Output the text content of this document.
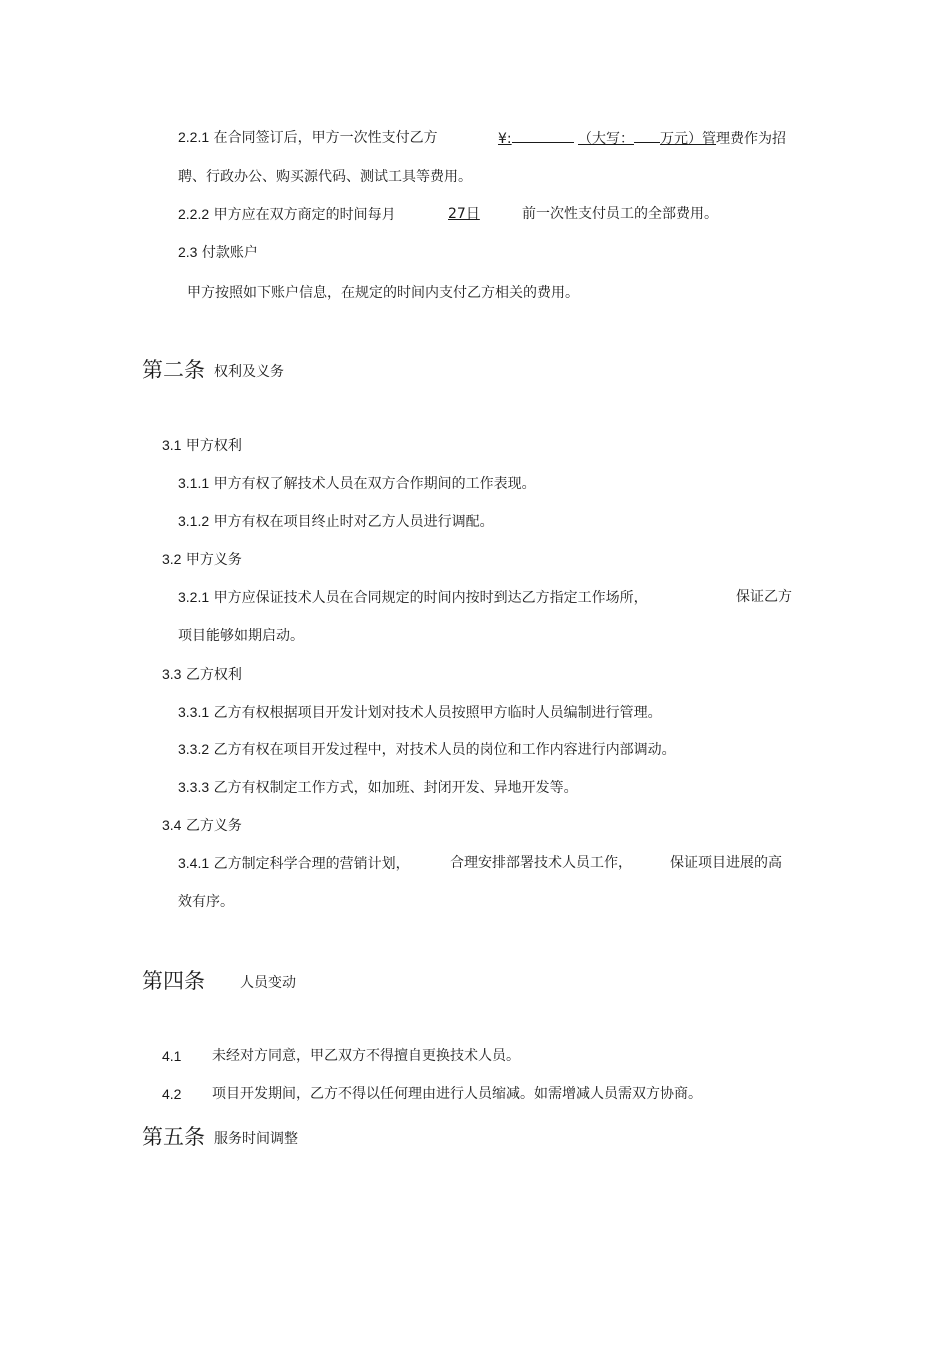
2.2.1 在合同签订后，甲方一次性支付乙方	¥:	（大写： 万元）管理费作为招
聘、行政办公、购买源代码、测试工具等费用。
2.2.2 甲方应在双方商定的时间每月	27日	前一次性支付员工的全部费用。
2.3 付款账户
甲方按照如下账户信息，在规定的时间内支付乙方相关的费用。
第二条 权利及义务
3.1 甲方权利
3.1.1 甲方有权了解技术人员在双方合作期间的工作表现。
3.1.2 甲方有权在项目终止时对乙方人员进行调配。
3.2 甲方义务
3.2.1 甲方应保证技术人员在合同规定的时间内按时到达乙方指定工作场所，	保证乙方
项目能够如期启动。
3.3 乙方权利
3.3.1 乙方有权根据项目开发计划对技术人员按照甲方临时人员编制进行管理。
3.3.2 乙方有权在项目开发过程中，对技术人员的岗位和工作内容进行内部调动。
3.3.3 乙方有权制定工作方式，如加班、封闭开发、异地开发等。
3.4 乙方义务
3.4.1 乙方制定科学合理的营销计划，	合理安排部署技术人员工作，	保证项目进展的高
效有序。
第四条	人员变动
4.1 未经对方同意，甲乙双方不得擅自更换技术人员。
4.2 项目开发期间，乙方不得以任何理由进行人员缩减。如需增减人员需双方协商。
第五条 服务时间调整
